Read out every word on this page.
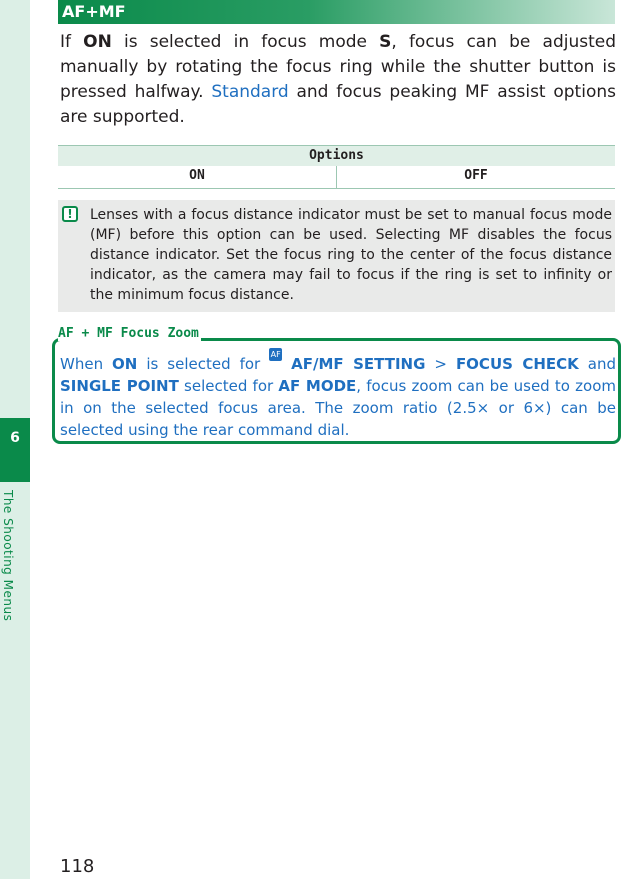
6
The Shooting Menus
AF+MF

If ON is selected in focus mode S, focus can be adjusted manually by rotating the focus ring while the shutter button is pressed halfway. Standard and focus peaking MF assist options are supported.

Options
ON	OFF
!	Lenses with a focus distance indicator must be set to manual focus mode (MF) before this option can be used. Selecting MF disables the focus distance indicator. Set the focus ring to the center of the focus distance indicator, as the camera may fail to focus if the ring is set to infinity or the minimum focus distance.
AF + MF Focus Zoom

When ON is selected for AF MF AF/MF SETTING > FOCUS CHECK and SINGLE POINT selected for AF MODE, focus zoom can be used to zoom in on the selected focus area. The zoom ratio (2.5× or 6×) can be selected using the rear command dial.

118
